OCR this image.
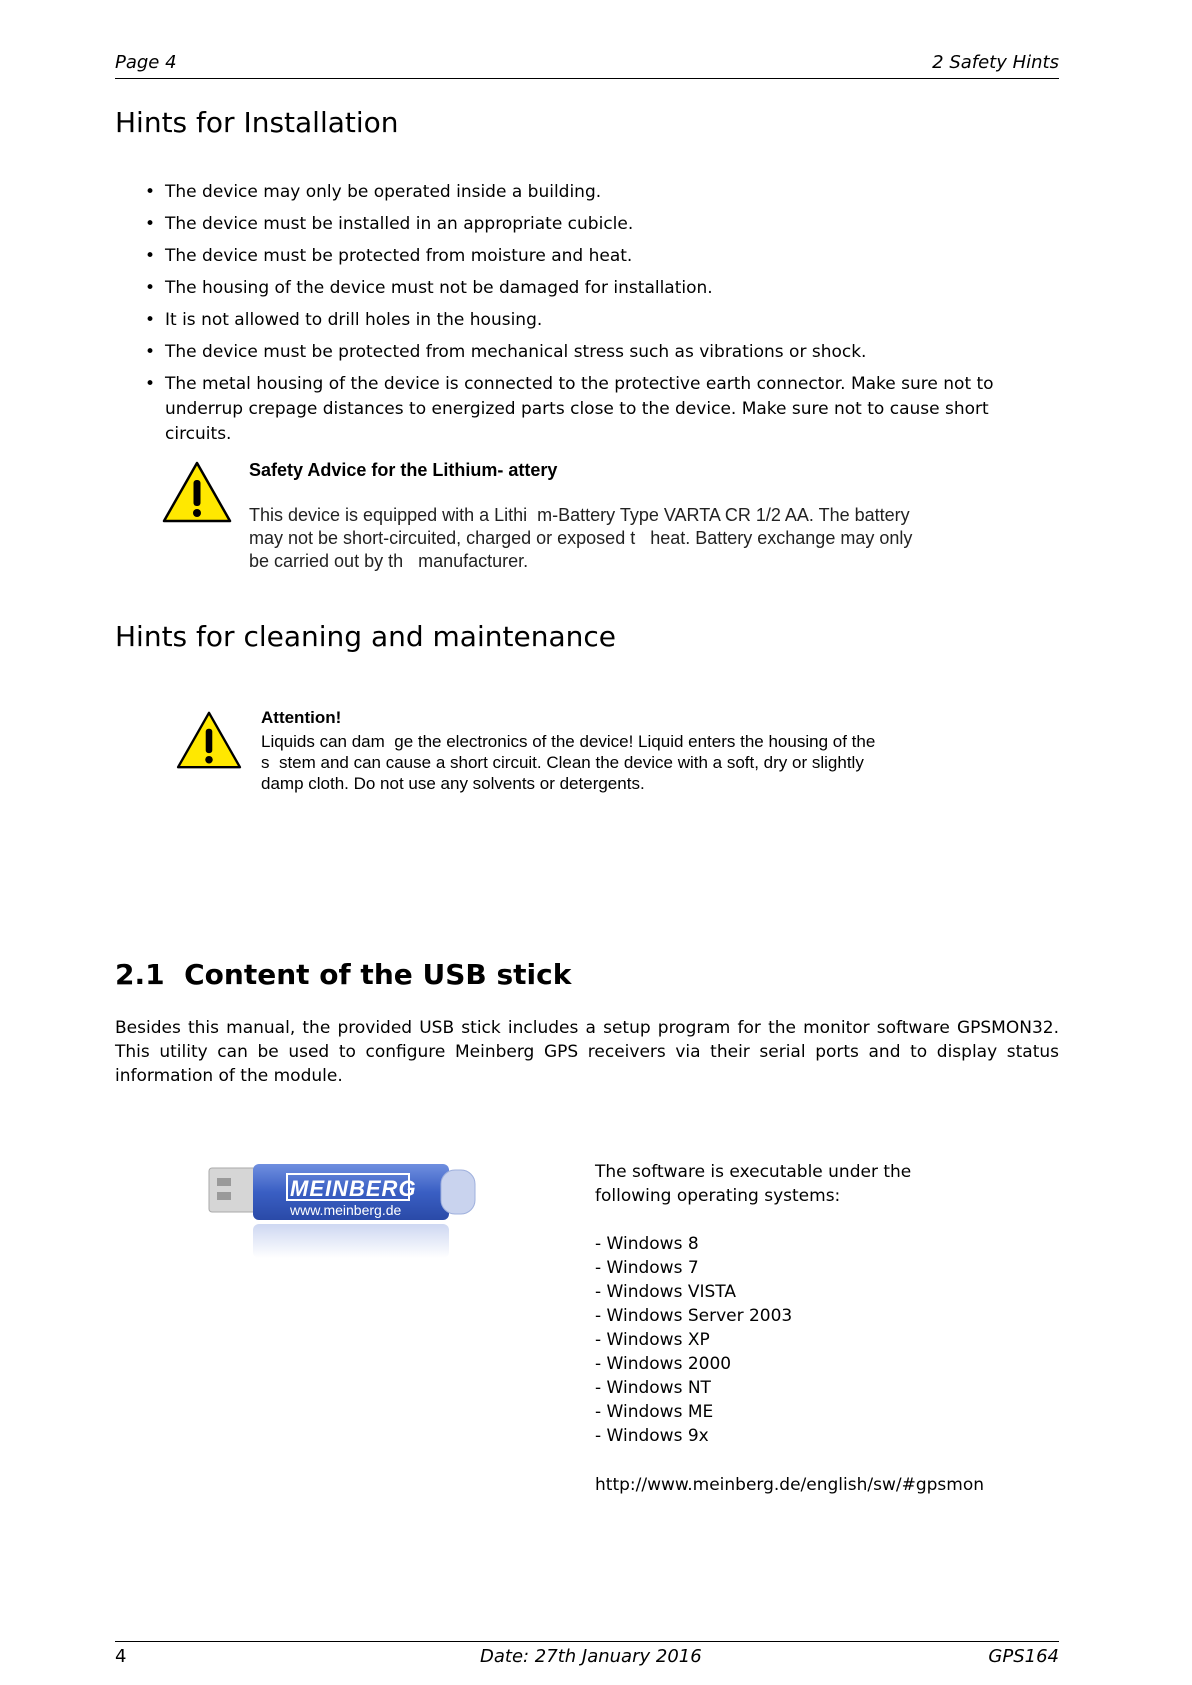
Page 4	2 Safety Hints
Hints for Installation
• The device may only be operated inside a building.
• The device must be installed in an appropriate cubicle.
• The device must be protected from moisture and heat.
• The housing of the device must not be damaged for installation.
• It is not allowed to drill holes in the housing.
• The device must be protected from mechanical stress such as vibrations or shock.
• The metal housing of the device is connected to the protective earth connector. Make sure not to underrup crepage distances to energized parts close to the device. Make sure not to cause short circuits.
Safety Advice for the Lithium- attery
This device is equipped with a Lithi  m-Battery Type VARTA CR 1/2 AA. The battery
may not be short-circuited, charged or exposed t   heat. Battery exchange may only
be carried out by th   manufacturer.
Hints for cleaning and maintenance
Attention!
Liquids can dam  ge the electronics of the device! Liquid enters the housing of the
s  stem and can cause a short circuit. Clean the device with a soft, dry or slightly
damp cloth. Do not use any solvents or detergents.
2.1 Content of the USB stick
Besides this manual, the provided USB stick includes a setup program for the monitor software GPSMON32. This utility can be used to configure Meinberg GPS receivers via their serial ports and to display status information of the module.
MEINBERG
www.meinberg.de
The software is executable under the
following operating systems:
- Windows 8
- Windows 7
- Windows VISTA
- Windows Server 2003
- Windows XP
- Windows 2000
- Windows NT
- Windows ME
- Windows 9x
http://www.meinberg.de/english/sw/#gpsmon
4	Date: 27th January 2016	GPS164
